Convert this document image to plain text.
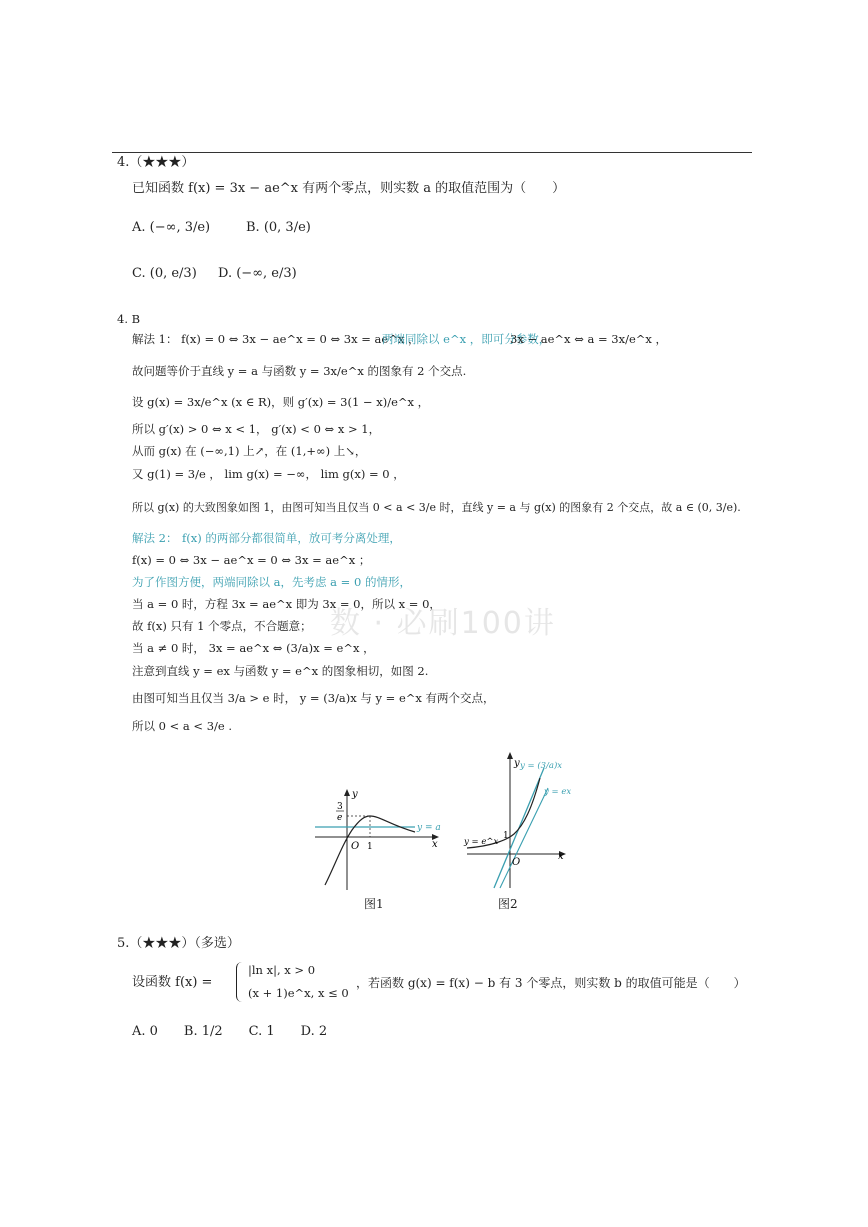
4.（★★★）
已知函数 f(x) = 3x − ae^x 有两个零点，则实数 a 的取值范围为（　　）
A. (−∞, 3/e)	B. (0, 3/e)
C. (0, e/3) D. (−∞, e/3)
4. B
解法 1： f(x) = 0 ⇔ 3x − ae^x = 0 ⇔ 3x = ae^x ，
两端同除以 e^x ，即可分参数，
3x − ae^x ⇔ a = 3x/e^x ，
故问题等价于直线 y = a 与函数 y = 3x/e^x 的图象有 2 个交点.
设 g(x) = 3x/e^x (x ∈ R)，则 g′(x) = 3(1 − x)/e^x ，
所以 g′(x) > 0 ⇔ x < 1， g′(x) < 0 ⇔ x > 1，
从而 g(x) 在 (−∞,1) 上↗，在 (1,+∞) 上↘，
又 g(1) = 3/e ， lim g(x) = −∞， lim g(x) = 0 ，
所以 g(x) 的大致图象如图 1，由图可知当且仅当 0 < a < 3/e 时，直线 y = a 与 g(x) 的图象有 2 个交点，故 a ∈ (0, 3/e).
解法 2： f(x) 的两部分都很简单，放可考分离处理，
f(x) = 0 ⇔ 3x − ae^x = 0 ⇔ 3x = ae^x ；
为了作图方便，两端同除以 a，先考虑 a = 0 的情形，
当 a = 0 时，方程 3x = ae^x 即为 3x = 0，所以 x = 0，
故 f(x) 只有 1 个零点，不合题意；
当 a ≠ 0 时， 3x = ae^x ⇔ (3/a)x = e^x ，
注意到直线 y = ex 与函数 y = e^x 的图象相切，如图 2.
由图可知当且仅当 3/a > e 时， y = (3/a)x 与 y = e^x 有两个交点，
所以 0 < a < 3/e .
数 · 必刷100讲
y
x
O 1
3
e
y = a
图1
y
x
O
1
y = (3/a)x
y = ex
y = e^x
图2
5.（★★★）（多选）
设函数 f(x) =
|ln x|, x > 0
(x + 1)e^x, x ≤ 0
，若函数 g(x) = f(x) − b 有 3 个零点，则实数 b 的取值可能是（　　）
A. 0　　B. 1/2　　C. 1　　D. 2
